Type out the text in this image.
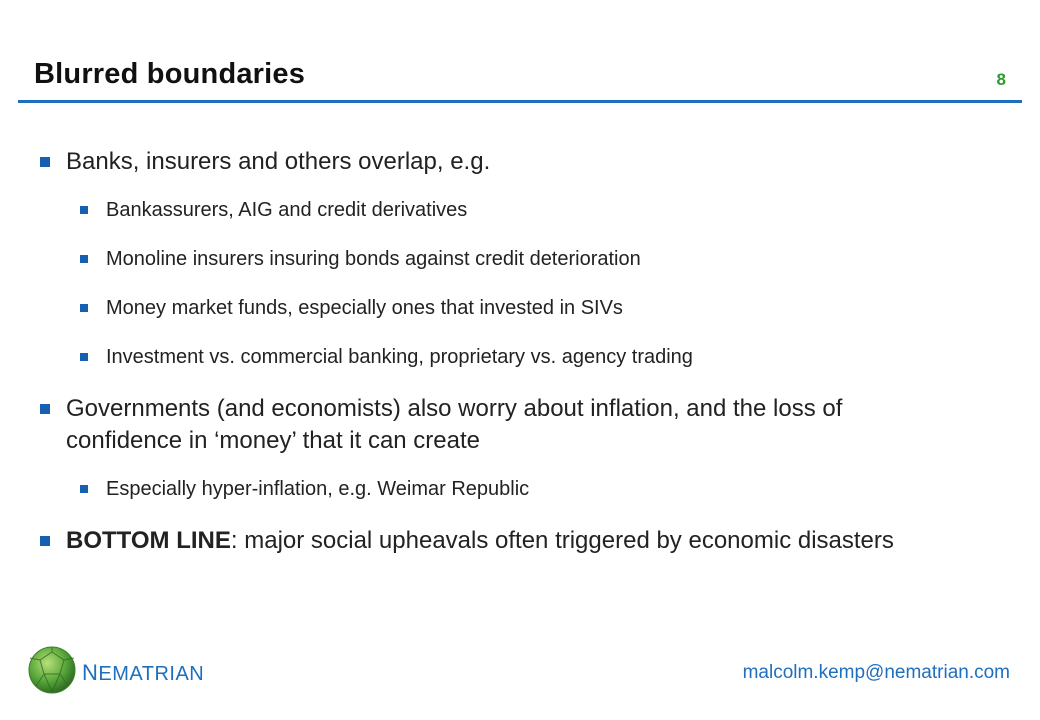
Blurred boundaries	8
Banks, insurers and others overlap, e.g.
Bankassurers, AIG and credit derivatives
Monoline insurers insuring bonds against credit deterioration
Money market funds, especially ones that invested in SIVs
Investment vs. commercial banking, proprietary vs. agency trading
Governments (and economists) also worry about inflation, and the loss of confidence in ‘money’ that it can create
Especially hyper-inflation, e.g. Weimar Republic
BOTTOM LINE: major social upheavals often triggered by economic disasters
NEMATRIAN	malcolm.kemp@nematrian.com
